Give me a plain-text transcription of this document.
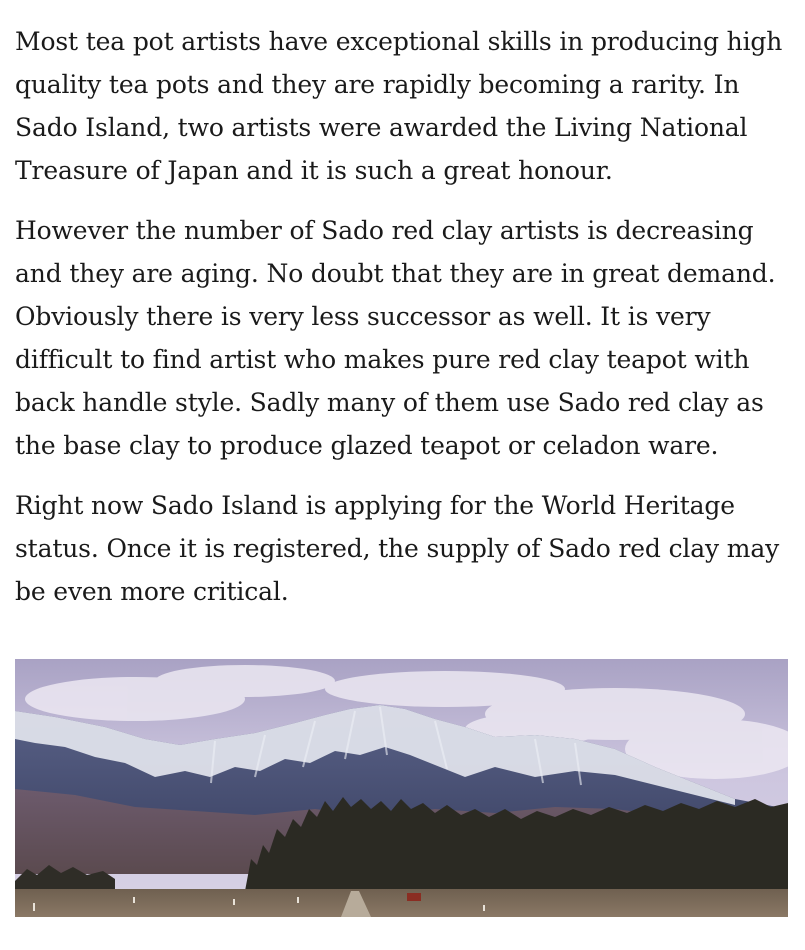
Most tea pot artists have exceptional skills in producing high quality tea pots and they are rapidly becoming a rarity. In Sado Island, two artists were awarded the Living National Treasure of Japan and it is such a great honour.

However the number of Sado red clay artists is decreasing and they are aging. No doubt that they are in great demand. Obviously there is very less successor as well. It is very difficult to find artist who makes pure red clay teapot with back handle style. Sadly many of them use Sado red clay as the base clay to produce glazed teapot or celadon ware.

Right now Sado Island is applying for the World Heritage status. Once it is registered, the supply of Sado red clay may be even more critical.
